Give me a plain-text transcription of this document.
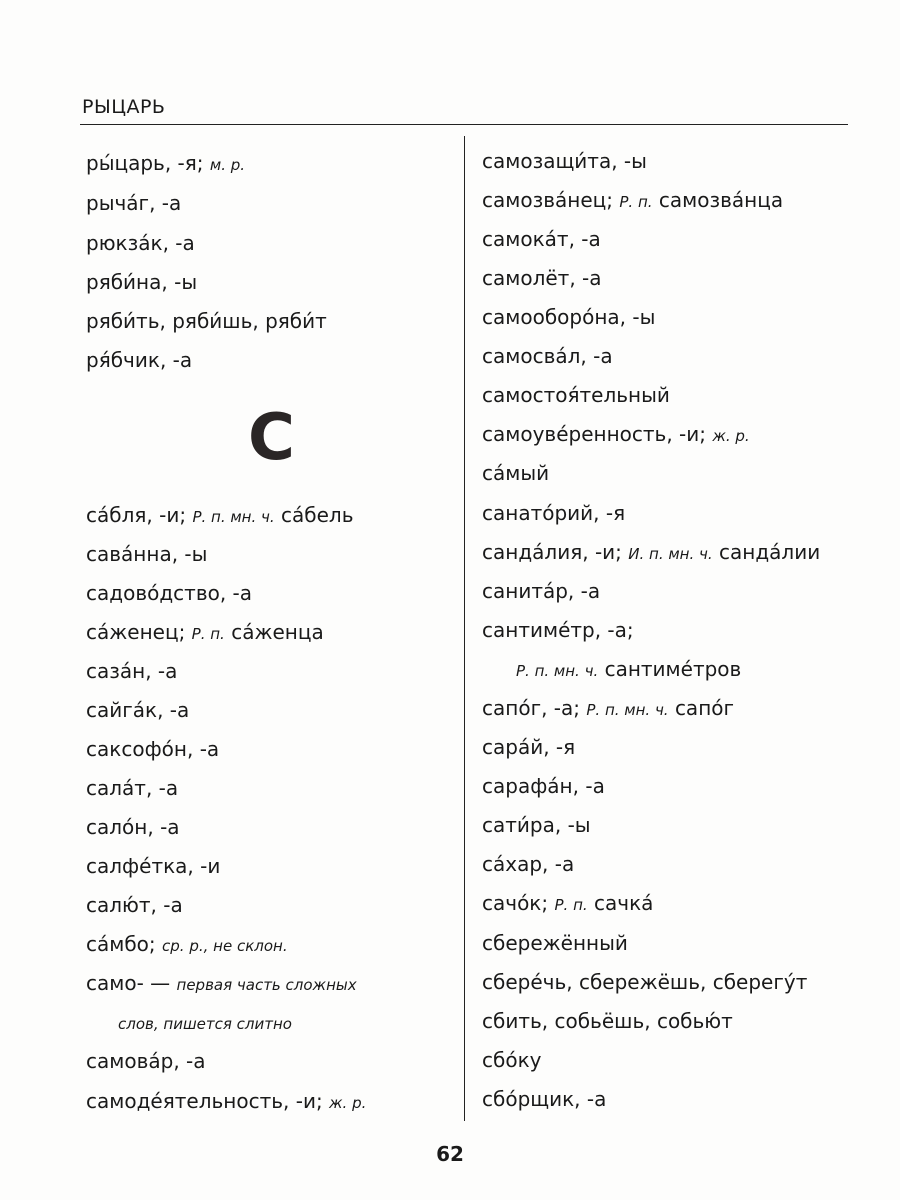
РЫЦАРЬ
ры́царь, -я; м. р.
рыча́г, -а
рюкза́к, -а
ряби́на, -ы
ряби́ть, ряби́шь, ряби́т
ря́бчик, -а
С
са́бля, -и; Р. п. мн. ч. са́бель
сава́нна, -ы
садово́дство, -а
са́женец; Р. п. са́женца
саза́н, -а
сайга́к, -а
саксофо́н, -а
сала́т, -а
сало́н, -а
салфе́тка, -и
салю́т, -а
са́мбо; ср. р., не склон.
само- — первая часть сложных
слов, пишется слитно
самова́р, -а
самоде́ятельность, -и; ж. р.
самозащи́та, -ы
самозва́нец; Р. п. самозва́нца
самока́т, -а
самолёт, -а
самооборо́на, -ы
самосва́л, -а
самостоя́тельный
самоуве́ренность, -и; ж. р.
са́мый
санато́рий, -я
санда́лия, -и; И. п. мн. ч. санда́лии
санита́р, -а
сантиме́тр, -а;
Р. п. мн. ч. сантиме́тров
сапо́г, -а; Р. п. мн. ч. сапо́г
сара́й, -я
сарафа́н, -а
сати́ра, -ы
са́хар, -а
сачо́к; Р. п. сачка́
сбережённый
сбере́чь, сбережёшь, сберегу́т
сбить, собьёшь, собью́т
сбо́ку
сбо́рщик, -а
62
